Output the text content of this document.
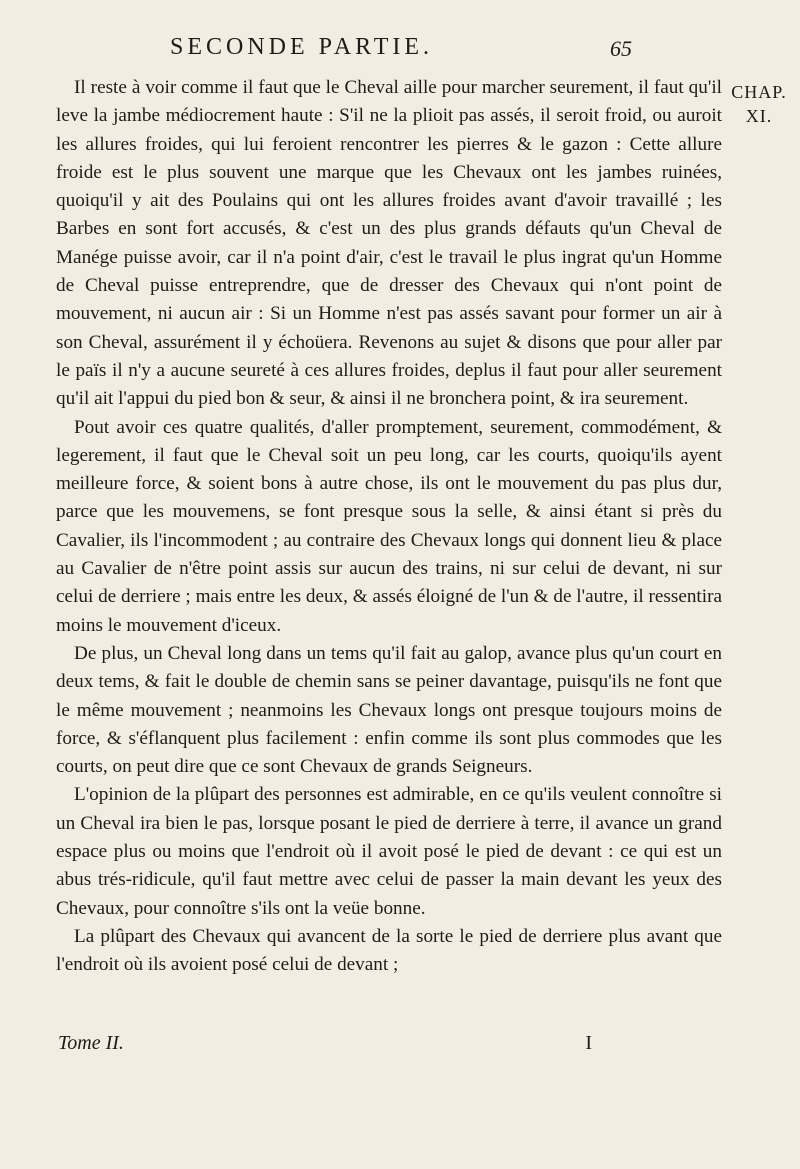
SECONDE PARTIE.	65
CHAP. XI.

Il reste à voir comme il faut que le Cheval aille pour marcher seurement, il faut qu'il leve la jambe médiocrement haute : S'il ne la plioit pas assés, il seroit froid, ou auroit les allures froides, qui lui feroient rencontrer les pierres & le gazon : Cette allure froide est le plus souvent une marque que les Chevaux ont les jambes ruinées, quoiqu'il y ait des Poulains qui ont les allures froides avant d'avoir travaillé ; les Barbes en sont fort accusés, & c'est un des plus grands défauts qu'un Cheval de Manége puisse avoir, car il n'a point d'air, c'est le travail le plus ingrat qu'un Homme de Cheval puisse entreprendre, que de dresser des Chevaux qui n'ont point de mouvement, ni aucun air : Si un Homme n'est pas assés savant pour former un air à son Cheval, assurément il y échoüera. Revenons au sujet & disons que pour aller par le païs il n'y a aucune seureté à ces allures froides, deplus il faut pour aller seurement qu'il ait l'appui du pied bon & seur, & ainsi il ne bronchera point, & ira seurement.

Pout avoir ces quatre qualités, d'aller promptement, seurement, commodément, & legerement, il faut que le Cheval soit un peu long, car les courts, quoiqu'ils ayent meilleure force, & soient bons à autre chose, ils ont le mouvement du pas plus dur, parce que les mouvemens, se font presque sous la selle, & ainsi étant si près du Cavalier, ils l'incommodent ; au contraire des Chevaux longs qui donnent lieu & place au Cavalier de n'être point assis sur aucun des trains, ni sur celui de devant, ni sur celui de derriere ; mais entre les deux, & assés éloigné de l'un & de l'autre, il ressentira moins le mouvement d'iceux.

De plus, un Cheval long dans un tems qu'il fait au galop, avance plus qu'un court en deux tems, & fait le double de chemin sans se peiner davantage, puisqu'ils ne font que le même mouvement ; neanmoins les Chevaux longs ont presque toujours moins de force, & s'éflanquent plus facilement : enfin comme ils sont plus commodes que les courts, on peut dire que ce sont Chevaux de grands Seigneurs.

L'opinion de la plûpart des personnes est admirable, en ce qu'ils veulent connoître si un Cheval ira bien le pas, lorsque posant le pied de derriere à terre, il avance un grand espace plus ou moins que l'endroit où il avoit posé le pied de devant : ce qui est un abus trés-ridicule, qu'il faut mettre avec celui de passer la main devant les yeux des Chevaux, pour connoître s'ils ont la veüe bonne.

La plûpart des Chevaux qui avancent de la sorte le pied de derriere plus avant que l'endroit où ils avoient posé celui de devant ;

Tome II.	I
